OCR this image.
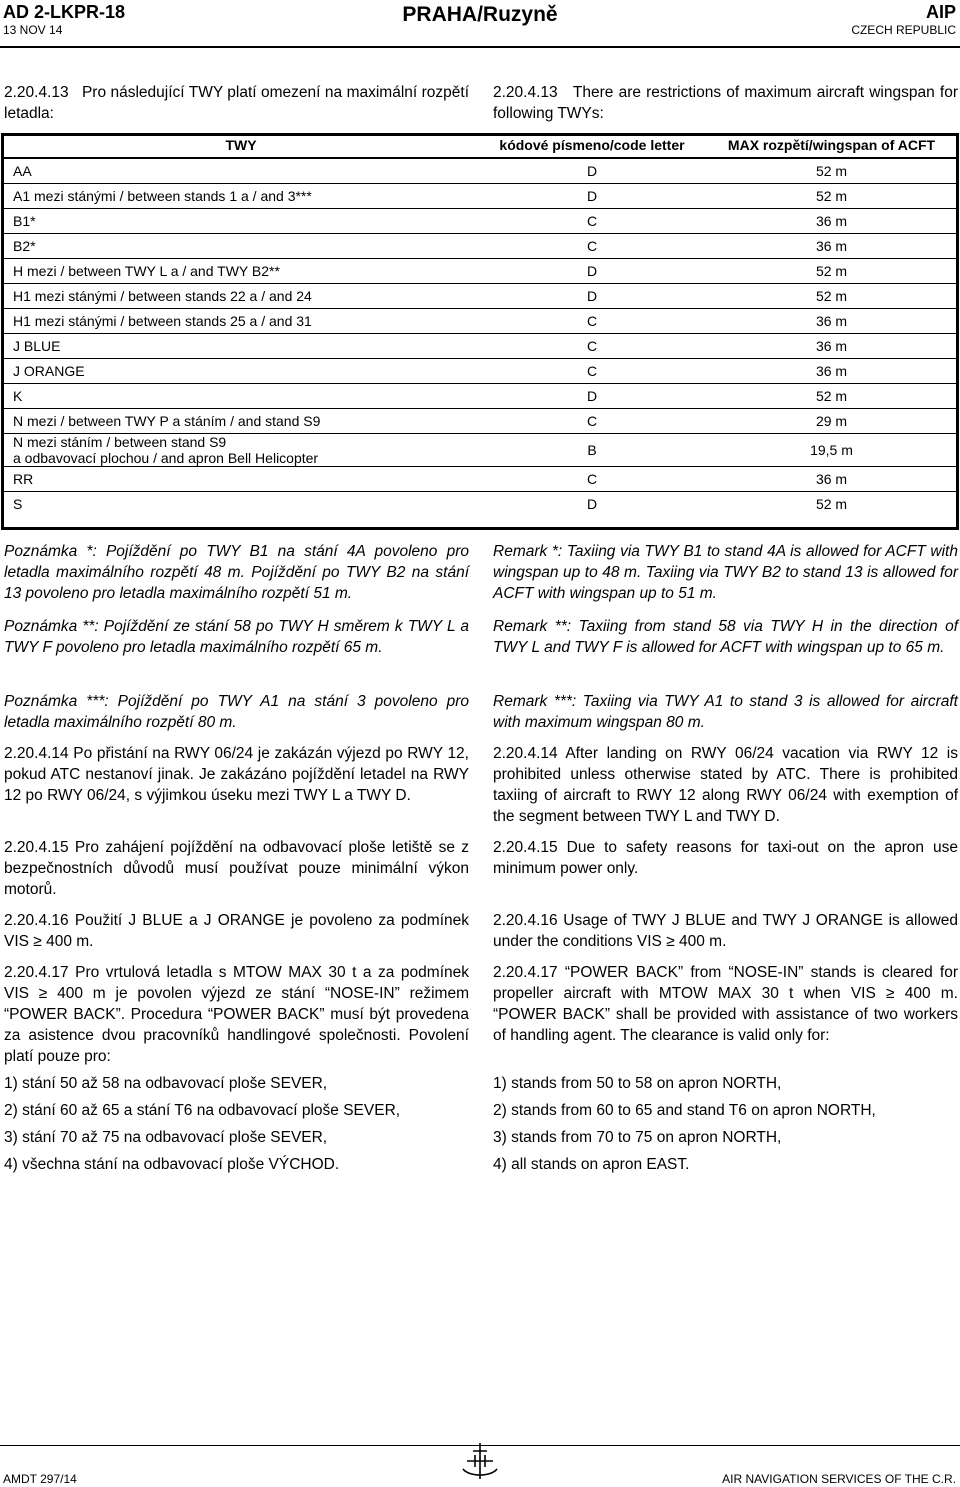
AD 2-LKPR-18
13 NOV 14
PRAHA/Ruzyně	AIP
CZECH REPUBLIC
2.20.4.13 Pro následující TWY platí omezení na maximální rozpětí letadla:
2.20.4.13 There are restrictions of maximum aircraft wingspan for following TWYs:
TWY	kódové písmeno/code letter	MAX rozpětí/wingspan of ACFT
AA	D	52 m
A1 mezi stánými / between stands 1 a / and 3***	D	52 m
B1*	C	36 m
B2*	C	36 m
H mezi / between TWY L a / and TWY B2**	D	52 m
H1 mezi stánými / between stands 22 a / and 24	D	52 m
H1 mezi stánými / between stands 25 a / and 31	C	36 m
J BLUE	C	36 m
J ORANGE	C	36 m
K	D	52 m
N mezi / between TWY P a stáním / and stand S9	C	29 m

N mezi stáním / between stand S9
a odbavovací plochou / and apron Bell Helicopter	B	19,5 m
RR	C	36 m
S	D	52 m
Poznámka *: Pojíždění po TWY B1 na stání 4A povoleno pro letadla maximálního rozpětí 48 m. Pojíždění po TWY B2 na stání 13 povoleno pro letadla maximálního rozpětí 51 m.
Poznámka **: Pojíždění ze stání 58 po TWY H směrem k TWY L a TWY F povoleno pro letadla maximálního rozpětí 65 m.
Poznámka ***: Pojíždění po TWY A1 na stání 3 povoleno pro letadla maximálního rozpětí 80 m.
2.20.4.14 Po přistání na RWY 06/24 je zakázán výjezd po RWY 12, pokud ATC nestanoví jinak. Je zakázáno pojíždění letadel na RWY 12 po RWY 06/24, s výjimkou úseku mezi TWY L a TWY D.
2.20.4.15 Pro zahájení pojíždění na odbavovací ploše letiště se z bezpečnostních důvodů musí používat pouze minimální výkon motorů.
2.20.4.16 Použití J BLUE a J ORANGE je povoleno za podmínek VIS ≥ 400 m.
2.20.4.17 Pro vrtulová letadla s MTOW MAX 30 t a za podmínek VIS ≥ 400 m je povolen výjezd ze stání “NOSE-IN” režimem “POWER BACK”. Procedura “POWER BACK” musí být provedena za asistence dvou pracovníků handlingové společnosti. Povolení platí pouze pro:
1) stání 50 až 58 na odbavovací ploše SEVER,
2) stání 60 až 65 a stání T6 na odbavovací ploše SEVER,
3) stání 70 až 75 na odbavovací ploše SEVER,
4) všechna stání na odbavovací ploše VÝCHOD.
Remark *: Taxiing via TWY B1 to stand 4A is allowed for ACFT with wingspan up to 48 m. Taxiing via TWY B2 to stand 13 is allowed for ACFT with wingspan up to 51 m.
Remark **: Taxiing from stand 58 via TWY H in the direction of TWY L and TWY F is allowed for ACFT with wingspan up to 65 m.
Remark ***: Taxiing via TWY A1 to stand 3 is allowed for aircraft with maximum wingspan 80 m.
2.20.4.14 After landing on RWY 06/24 vacation via RWY 12 is prohibited unless otherwise stated by ATC. There is prohibited taxiing of aircraft to RWY 12 along RWY 06/24 with exemption of the segment between TWY L and TWY D.
2.20.4.15 Due to safety reasons for taxi-out on the apron use minimum power only.
2.20.4.16 Usage of TWY J BLUE and TWY J ORANGE is allowed under the conditions VIS ≥ 400 m.
2.20.4.17 “POWER BACK” from “NOSE-IN” stands is cleared for propeller aircraft with MTOW MAX 30 t when VIS ≥ 400 m. “POWER BACK” shall be provided with assistance of two workers of handling agent. The clearance is valid only for:
1) stands from 50 to 58 on apron NORTH,
2) stands from 60 to 65 and stand T6 on apron NORTH,
3) stands from 70 to 75 on apron NORTH,
4) all stands on apron EAST.
AMDT 297/14	AIR NAVIGATION SERVICES OF THE C.R.
